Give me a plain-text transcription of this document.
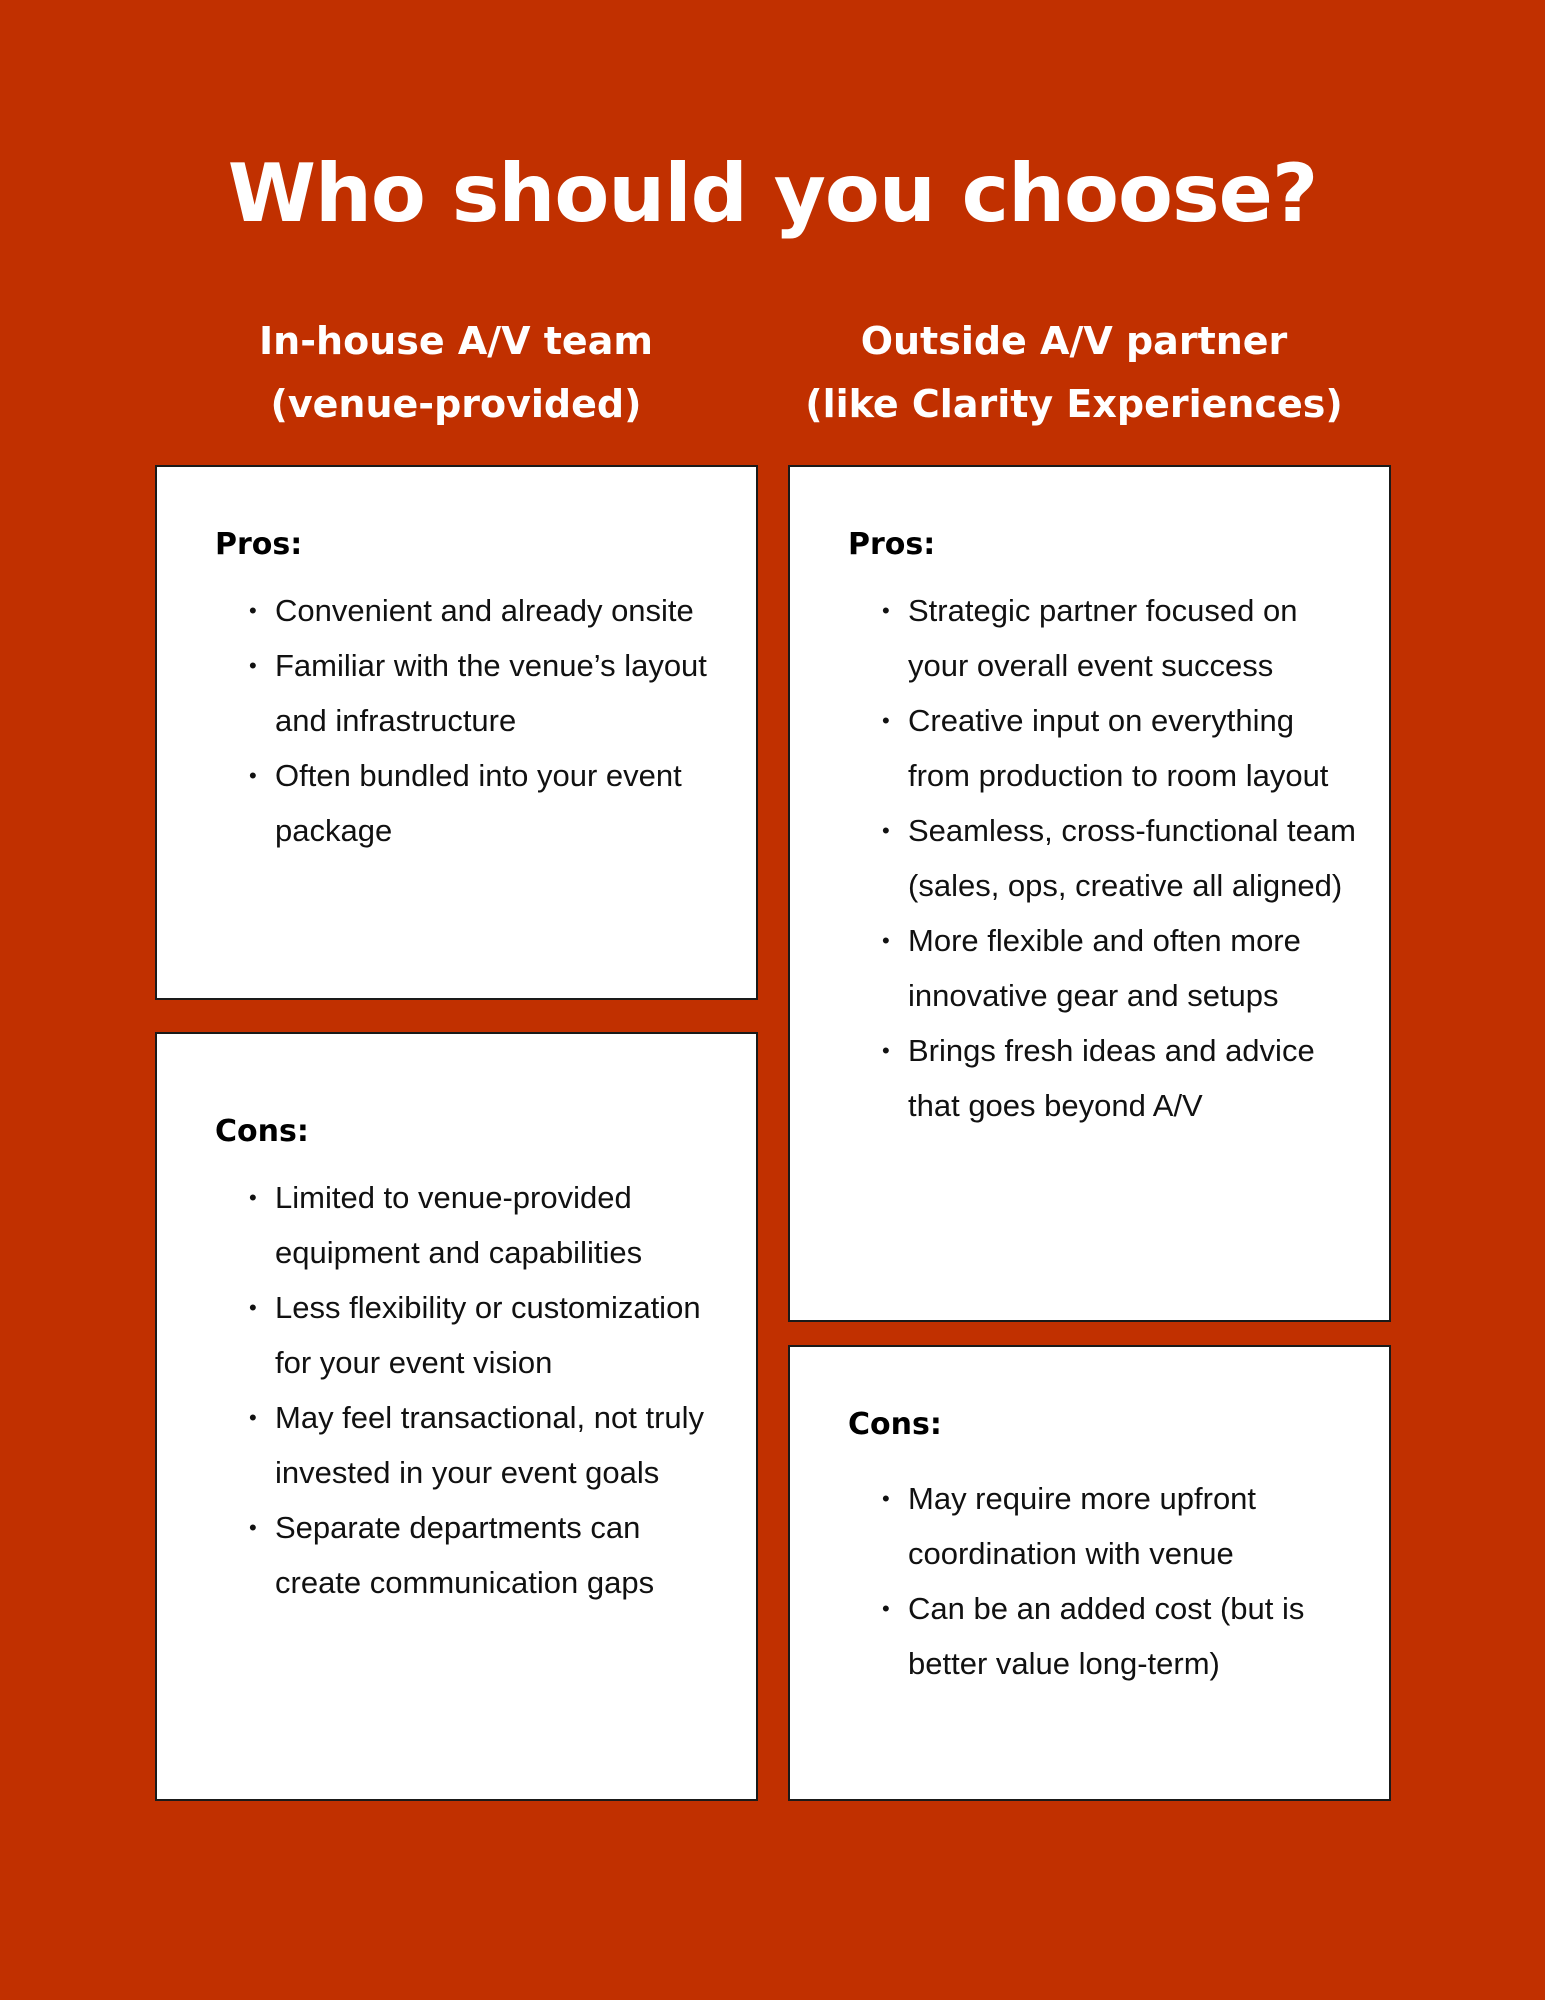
Who should you choose?
In-house A/V team
(venue-provided)
Outside A/V partner
(like Clarity Experiences)
Pros:
• Convenient and already onsite
• Familiar with the venue’s layout and infrastructure
• Often bundled into your event package
Cons:
• Limited to venue-provided equipment and capabilities
• Less flexibility or customization for your event vision
• May feel transactional, not truly invested in your event goals
• Separate departments can create communication gaps
Pros:
• Strategic partner focused on your overall event success
• Creative input on everything from production to room layout
• Seamless, cross-functional team (sales, ops, creative all aligned)
• More flexible and often more innovative gear and setups
• Brings fresh ideas and advice that goes beyond A/V
Cons:
• May require more upfront coordination with venue
• Can be an added cost (but is better value long-term)
